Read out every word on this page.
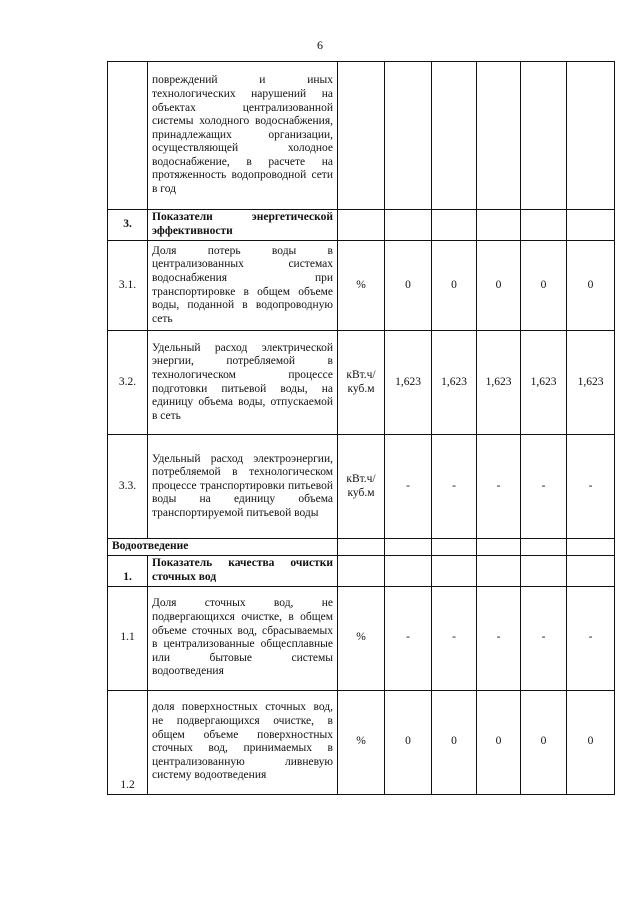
6
	повреждений и иных технологических нарушений на объектах централизованной системы холодного водоснабжения, принадлежащих организации, осуществляющей холодное водоснабжение, в расчете на протяженность водопроводной сети в год						
3.	Показатели энергетической эффективности						
3.1.	Доля потерь воды в централизованных системах водоснабжения при транспортировке в общем объеме воды, поданной в водопроводную сеть	%	0	0	0	0	0
3.2.	Удельный расход электрической энергии, потребляемой в технологическом процессе подготовки питьевой воды, на единицу объема воды, отпускаемой в сеть	кВт.ч/ куб.м	1,623	1,623	1,623	1,623	1,623
3.3.	Удельный расход электроэнергии, потребляемой в технологическом процессе транспортировки питьевой воды на единицу объема транспортируемой питьевой воды	кВт.ч/ куб.м	-	-	-	-	-
Водоотведение							
1.	Показатель качества очистки сточных вод						
1.1	Доля сточных вод, не подвергающихся очистке, в общем объеме сточных вод, сбрасываемых в централизованные общесплавные или бытовые системы водоотведения	%	-	-	-	-	-
1.2	доля поверхностных сточных вод, не подвергающихся очистке, в общем объеме поверхностных сточных вод, принимаемых в централизованную ливневую систему водоотведения	%	0	0	0	0	0
